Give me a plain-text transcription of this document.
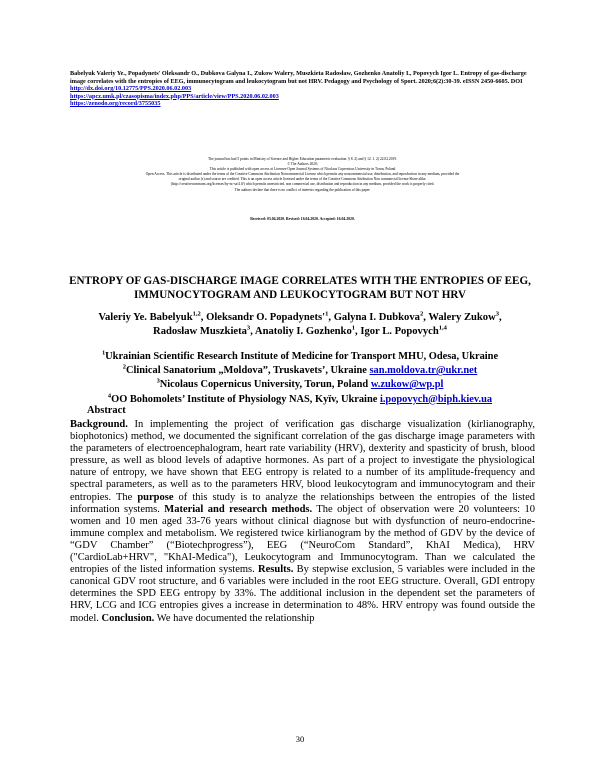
Babelyuk Valeriy Ye., Popadynets' Oleksandr O., Dubkova Galyna I., Zukow Walery, Muszkieta Radosław, Gozhenko Anatoliy I., Popovych Igor L. Entropy of gas-discharge image correlates with the entropies of EEG, immunocytogram and leukocytogram but not HRV. Pedagogy and Psychology of Sport. 2020;6(2):30-39. eISSN 2450-6605. DOI http://dx.doi.org/10.12775/PPS.2020.06.02.003
https://apcz.umk.pl/czasopisma/index.php/PPS/article/view/PPS.2020.06.02.003
https://zenodo.org/record/3755035
The journal has had 5 points in Ministry of Science and Higher Education parametric evaluation. § 8. 2) and § 12. 1. 2) 22.02.2019.
© The Authors 2020;
This article is published with open access at Licensee Open Journal Systems of Nicolaus Copernicus University in Torun, Poland
Open Access. This article is distributed under the terms of the Creative Commons Attribution Noncommercial License which permits any noncommercial use, distribution, and reproduction in any medium, provided the
original author (s) and source are credited. This is an open access article licensed under the terms of the Creative Commons Attribution Non commercial license Share alike.
(http://creativecommons.org/licenses/by-nc-sa/4.0/) which permits unrestricted, non commercial use, distribution and reproduction in any medium, provided the work is properly cited.
The authors declare that there is no conflict of interests regarding the publication of this paper.
Received: 03.04.2020. Revised: 16.04.2020. Accepted: 16.04.2020.
ENTROPY OF GAS-DISCHARGE IMAGE CORRELATES WITH THE ENTROPIES OF EEG, IMMUNOCYTOGRAM AND LEUKOCYTOGRAM BUT NOT HRV
Valeriy Ye. Babelyuk$^{1,2}$, Oleksandr O. $Popadynets'^1$, Galyna I. Dubkova$^2$, Walery Zukow$^3$,
Radosław Muszkieta$^3$, Anatoliy I. Gozhenko$^1$, Igor L. Popovych$^{1,4}$
$^1$Ukrainian Scientific Research Institute of Medicine for Transport MHU, Odesa, Ukraine
$^2$Clinical Sanatorium „Moldova”, Truskavets’, Ukraine san.moldova.tr@ukr.net
$^3$Nicolaus Copernicus University, Torun, Poland w.zukow@wp.pl
$^4$OO Bohomolets’ Institute of Physiology NAS, Kyїv, Ukraine i.popovych@biph.kiev.ua
Abstract
Background. In implementing the project of verification gas discharge visualization (kirlianography, biophotonics) method, we documented the significant correlation of the gas discharge image parameters with the parameters of electroencephalogram, heart rate variability (HRV), dexterity and spasticity of brush, blood pressure, as well as blood levels of adaptive hormones. As part of a project to investigate the physiological nature of entropy, we have shown that EEG entropy is related to a number of its amplitude-frequency and spectral parameters, as well as to the parameters HRV, blood leukocytogram and immunocytogram and their entropies. The purpose of this study is to analyze the relationships between the entropies of the listed information systems. Material and research methods. The object of observation were 20 volunteers: 10 women and 10 men aged 33-76 years without clinical diagnose but with dysfunction of neuro-endocrine-immune complex and metabolism. We registered twice kirlianogram by the method of GDV by the device of “GDV Chamber” (“Biotechprogress”), EEG (“NeuroCom Standard”, KhAI Medica), HRV ("CardioLab+HRV", "KhAI-Medica"), Leukocytogram and Immunocytogram. Than we calculated the entropies of the listed information systems. Results. By stepwise exclusion, 5 variables were included in the canonical GDV root structure, and 6 variables were included in the root EEG structure. Overall, GDI entropy determines the SPD EEG entropy by 33%. The additional inclusion in the dependent set the parameters of HRV, LCG and ICG entropies gives a increase in determination to 48%. HRV entropy was found outside the model. Conclusion. We have documented the relationship
30
